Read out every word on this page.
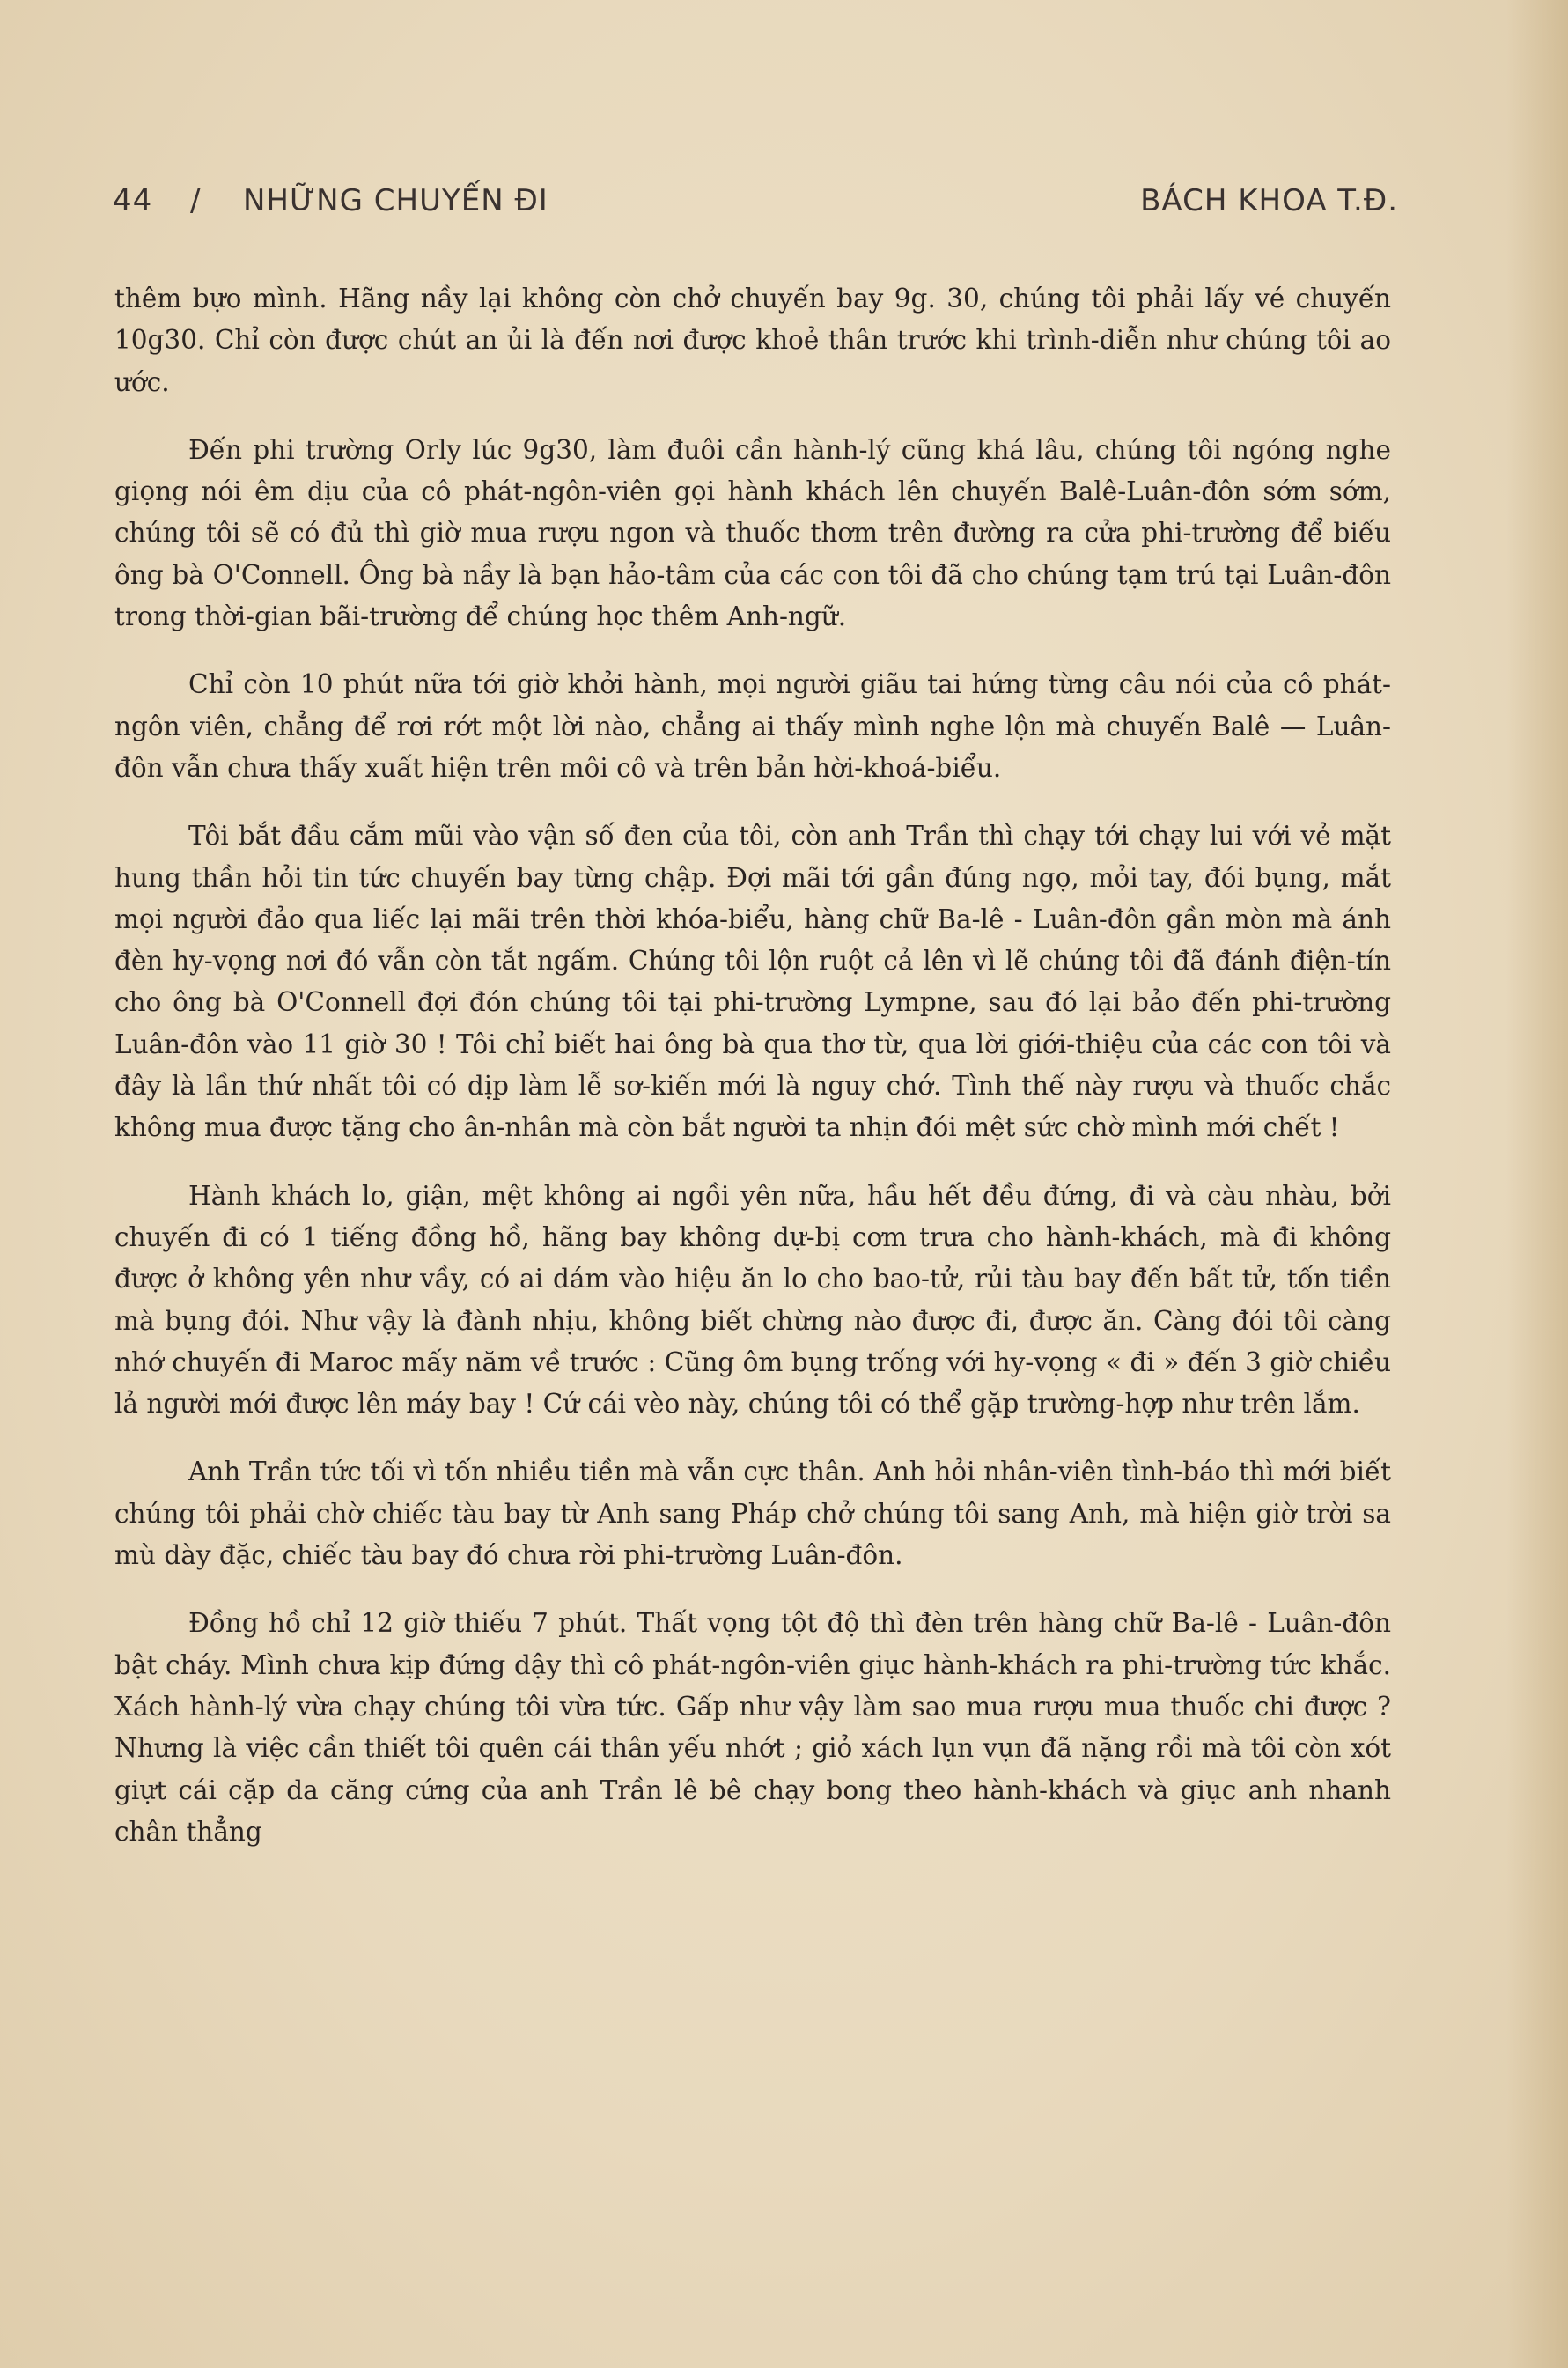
44 / NHỮNG CHUYẾN ĐI	BÁCH KHOA T.Đ.

thêm bựo mình. Hãng nầy lại không còn chở chuyến bay 9g. 30, chúng tôi phải lấy vé chuyến 10g30. Chỉ còn được chút an ủi là đến nơi được khoẻ thân trước khi trình-diễn như chúng tôi ao ước.

Đến phi trường Orly lúc 9g30, làm đuôi cần hành-lý cũng khá lâu, chúng tôi ngóng nghe giọng nói êm dịu của cô phát-ngôn-viên gọi hành khách lên chuyến Balê-Luân-đôn sớm sớm, chúng tôi sẽ có đủ thì giờ mua rượu ngon và thuốc thơm trên đường ra cửa phi-trường để biếu ông bà O'Connell. Ông bà nầy là bạn hảo-tâm của các con tôi đã cho chúng tạm trú tại Luân-đôn trong thời-gian bãi-trường để chúng học thêm Anh-ngữ.

Chỉ còn 10 phút nữa tới giờ khởi hành, mọi người giãu tai hứng từng câu nói của cô phát-ngôn viên, chẳng để rơi rớt một lời nào, chẳng ai thấy mình nghe lộn mà chuyến Balê — Luân-đôn vẫn chưa thấy xuất hiện trên môi cô và trên bản hời-khoá-biểu.

Tôi bắt đầu cắm mũi vào vận số đen của tôi, còn anh Trần thì chạy tới chạy lui với vẻ mặt hung thần hỏi tin tức chuyến bay từng chập. Đợi mãi tới gần đúng ngọ, mỏi tay, đói bụng, mắt mọi người đảo qua liếc lại mãi trên thời khóa-biểu, hàng chữ Ba-lê - Luân-đôn gần mòn mà ánh đèn hy-vọng nơi đó vẫn còn tắt ngấm. Chúng tôi lộn ruột cả lên vì lẽ chúng tôi đã đánh điện-tín cho ông bà O'Connell đợi đón chúng tôi tại phi-trường Lympne, sau đó lại bảo đến phi-trường Luân-đôn vào 11 giờ 30 ! Tôi chỉ biết hai ông bà qua thơ từ, qua lời giới-thiệu của các con tôi và đây là lần thứ nhất tôi có dịp làm lễ sơ-kiến mới là nguy chớ. Tình thế này rượu và thuốc chắc không mua được tặng cho ân-nhân mà còn bắt người ta nhịn đói mệt sức chờ mình mới chết !

Hành khách lo, giận, mệt không ai ngồi yên nữa, hầu hết đều đứng, đi và càu nhàu, bởi chuyến đi có 1 tiếng đồng hồ, hãng bay không dự-bị cơm trưa cho hành-khách, mà đi không được ở không yên như vầy, có ai dám vào hiệu ăn lo cho bao-tử, rủi tàu bay đến bất tử, tốn tiền mà bụng đói. Như vậy là đành nhịu, không biết chừng nào được đi, được ăn. Càng đói tôi càng nhớ chuyến đi Maroc mấy năm về trước : Cũng ôm bụng trống với hy-vọng « đi » đến 3 giờ chiều lả người mới được lên máy bay ! Cứ cái vèo này, chúng tôi có thể gặp trường-hợp như trên lắm.

Anh Trần tức tối vì tốn nhiều tiền mà vẫn cực thân. Anh hỏi nhân-viên tình-báo thì mới biết chúng tôi phải chờ chiếc tàu bay từ Anh sang Pháp chở chúng tôi sang Anh, mà hiện giờ trời sa mù dày đặc, chiếc tàu bay đó chưa rời phi-trường Luân-đôn.

Đồng hồ chỉ 12 giờ thiếu 7 phút. Thất vọng tột độ thì đèn trên hàng chữ Ba-lê - Luân-đôn bật cháy. Mình chưa kịp đứng dậy thì cô phát-ngôn-viên giục hành-khách ra phi-trường tức khắc. Xách hành-lý vừa chạy chúng tôi vừa tức. Gấp như vậy làm sao mua rượu mua thuốc chi được ? Nhưng là việc cần thiết tôi quên cái thân yếu nhớt ; giỏ xách lụn vụn đã nặng rồi mà tôi còn xót giựt cái cặp da căng cứng của anh Trần lê bê chạy bong theo hành-khách và giục anh nhanh chân thẳng
